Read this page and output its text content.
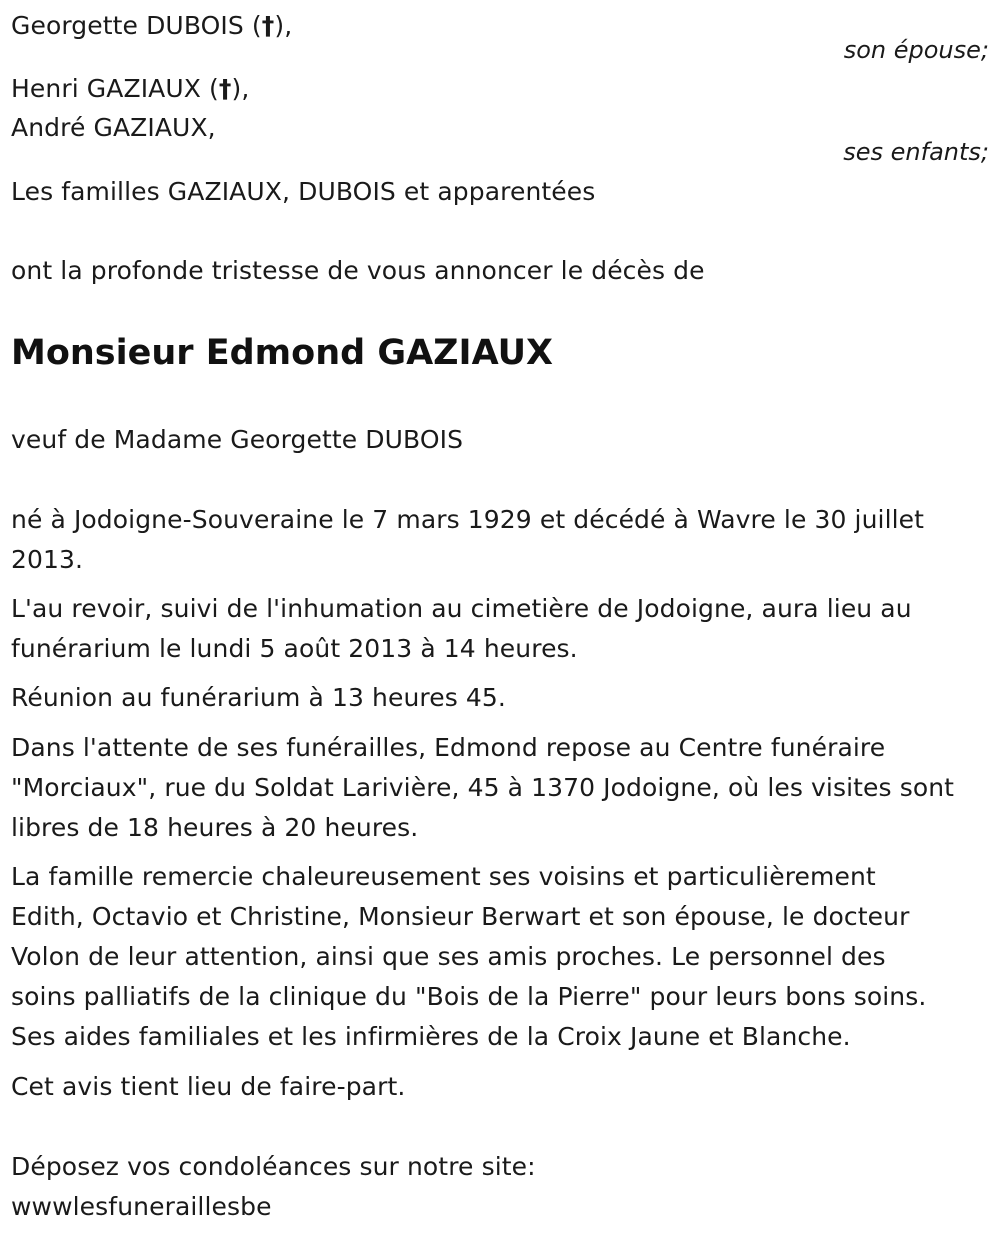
Georgette DUBOIS (†),
son épouse;
Henri GAZIAUX (†),
André GAZIAUX,
ses enfants;
Les familles GAZIAUX, DUBOIS et apparentées
ont la profonde tristesse de vous annoncer le décès de
Monsieur Edmond GAZIAUX
veuf de Madame Georgette DUBOIS
né à Jodoigne-Souveraine le 7 mars 1929 et décédé à Wavre le 30 juillet
2013.
L'au revoir, suivi de l'inhumation au cimetière de Jodoigne, aura lieu au
funérarium le lundi 5 août 2013 à 14 heures.
Réunion au funérarium à 13 heures 45.
Dans l'attente de ses funérailles, Edmond repose au Centre funéraire
"Morciaux", rue du Soldat Larivière, 45 à 1370 Jodoigne, où les visites sont
libres de 18 heures à 20 heures.
La famille remercie chaleureusement ses voisins et particulièrement
Edith, Octavio et Christine, Monsieur Berwart et son épouse, le docteur
Volon de leur attention, ainsi que ses amis proches. Le personnel des
soins palliatifs de la clinique du "Bois de la Pierre" pour leurs bons soins.
Ses aides familiales et les infirmières de la Croix Jaune et Blanche.
Cet avis tient lieu de faire-part.
Déposez vos condoléances sur notre site:
wwwlesfuneraillesbe
